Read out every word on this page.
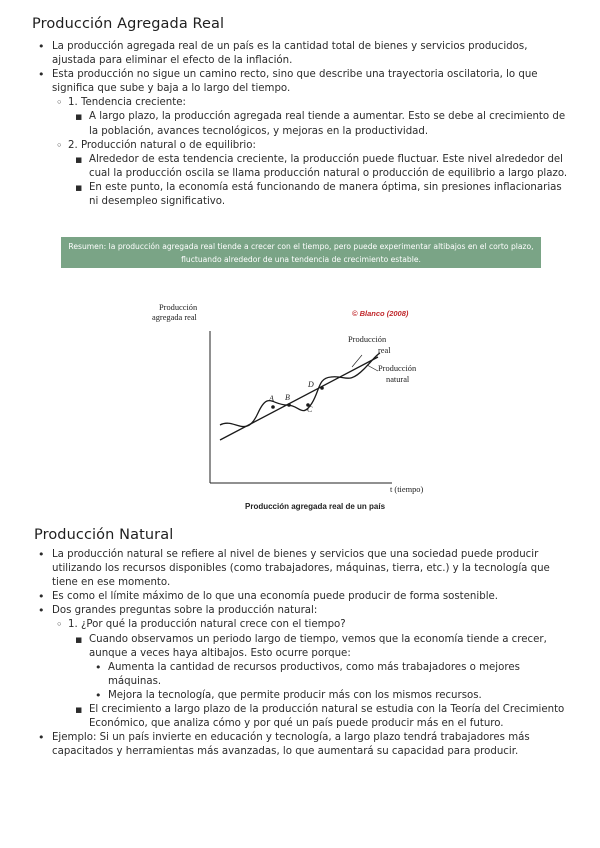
Producción Agregada Real
•
La producción agregada real de un país es la cantidad total de bienes y servicios producidos, ajustada para eliminar el efecto de la inflación.
•
Esta producción no sigue un camino recto, sino que describe una trayectoria oscilatoria, lo que significa que sube y baja a lo largo del tiempo.
◦
1. Tendencia creciente:
▪
A largo plazo, la producción agregada real tiende a aumentar. Esto se debe al crecimiento de la población, avances tecnológicos, y mejoras en la productividad.
◦
2. Producción natural o de equilibrio:
▪
Alrededor de esta tendencia creciente, la producción puede fluctuar. Este nivel alrededor del cual la producción oscila se llama producción natural o producción de equilibrio a largo plazo.
▪
En este punto, la economía está funcionando de manera óptima, sin presiones inflacionarias ni desempleo significativo.
Resumen: la producción agregada real tiende a crecer con el tiempo, pero puede experimentar altibajos en el corto plazo, fluctuando alrededor de una tendencia de crecimiento estable.
Producción
agregada real	© Blanco (2008)
Producción
real
Producción
natural
A B
C
D
t (tiempo)
Producción agregada real de un país
Producción Natural
•
La producción natural se refiere al nivel de bienes y servicios que una sociedad puede producir utilizando los recursos disponibles (como trabajadores, máquinas, tierra, etc.) y la tecnología que tiene en ese momento.
•
Es como el límite máximo de lo que una economía puede producir de forma sostenible.
•
Dos grandes preguntas sobre la producción natural:
◦
1. ¿Por qué la producción natural crece con el tiempo?
▪
Cuando observamos un periodo largo de tiempo, vemos que la economía tiende a crecer, aunque a veces haya altibajos. Esto ocurre porque:
•
Aumenta la cantidad de recursos productivos, como más trabajadores o mejores máquinas.
•
Mejora la tecnología, que permite producir más con los mismos recursos.
▪
El crecimiento a largo plazo de la producción natural se estudia con la Teoría del Crecimiento Económico, que analiza cómo y por qué un país puede producir más en el futuro.
•
Ejemplo: Si un país invierte en educación y tecnología, a largo plazo tendrá trabajadores más capacitados y herramientas más avanzadas, lo que aumentará su capacidad para producir.
